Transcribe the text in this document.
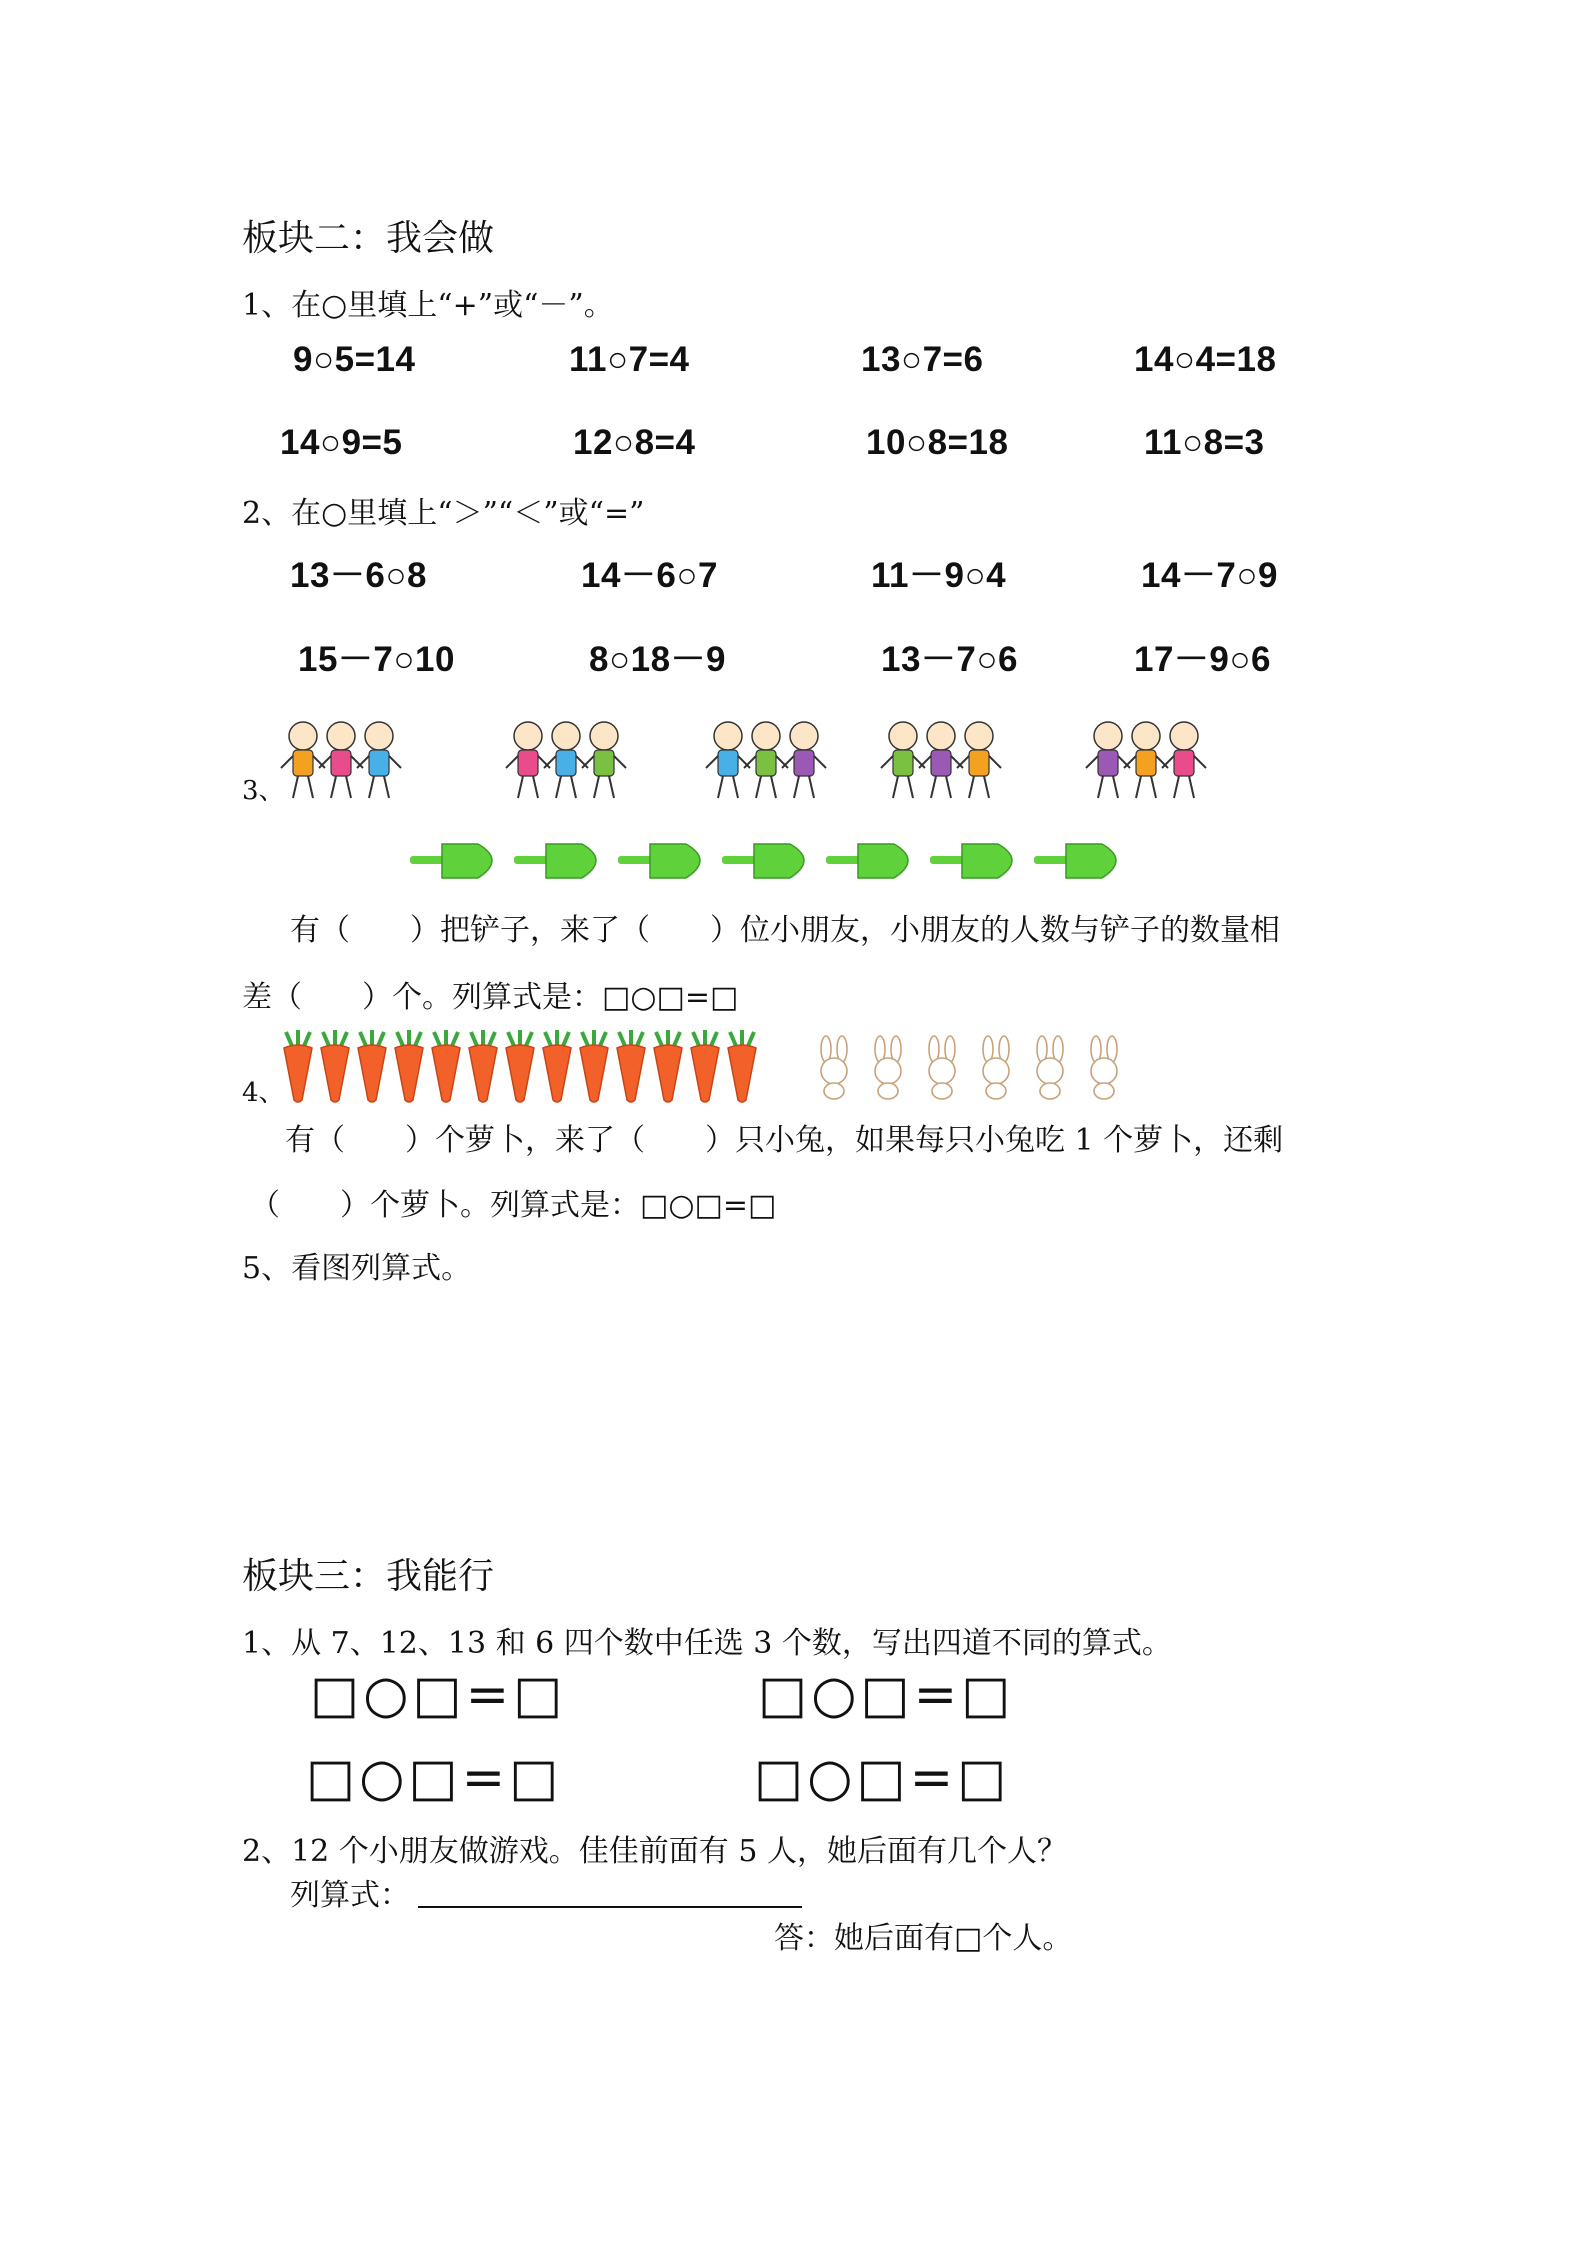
板块二：我会做
1、在○里填上“+”或“－”。
9○5=14	11○7=4	13○7=6	14○4=18
14○9=5	12○8=4	10○8=18	11○8=3
2、在○里填上“＞”“＜”或“=”
13－6○8	14－6○7	11－9○4	14－7○9
15－7○10	8○18－9	13－7○6	17－9○6
3、
有（　　）把铲子，来了（　　）位小朋友，小朋友的人数与铲子的数量相
差（　　）个。列算式是：□○□=□
4、
有（　　）个萝卜，来了（　　）只小兔，如果每只小兔吃 1 个萝卜，还剩
（　　）个萝卜。列算式是：□○□=□
5、看图列算式。
板块三：我能行
1、从 7、12、13 和 6 四个数中任选 3 个数，写出四道不同的算式。
□○□=□	□○□=□
□○□=□	□○□=□
2、12 个小朋友做游戏。佳佳前面有 5 人，她后面有几个人？
列算式：
答：她后面有□个人。
